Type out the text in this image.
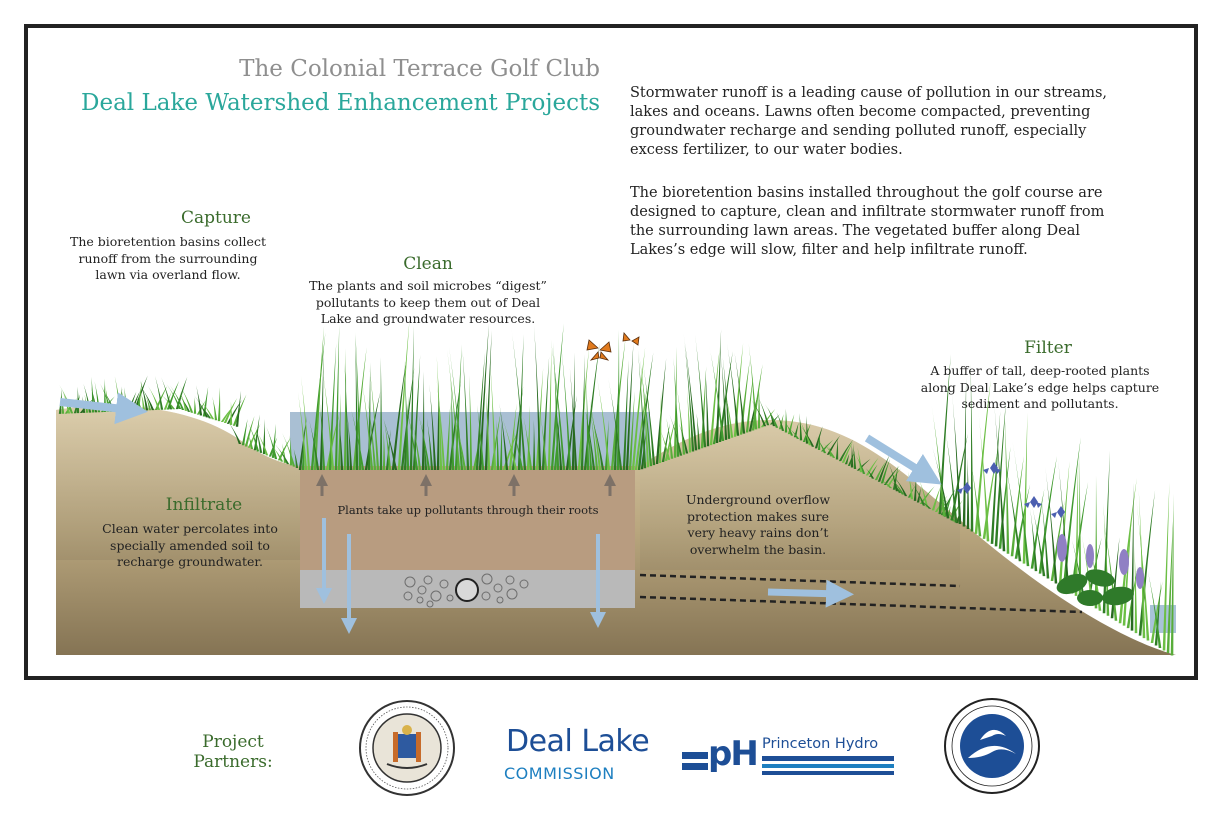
The Colonial Terrace Golf Club
Deal Lake Watershed Enhancement Projects Stormwater runoff is a leading cause of pollution in our streams,
lakes and oceans. Lawns often become compacted, preventing
groundwater recharge and sending polluted runoff, especially
excess fertilizer, to our water bodies.
The bioretention basins installed throughout the golf course are
designed to capture, clean and infiltrate stormwater runoff from
the surrounding lawn areas. The vegetated buffer along Deal
Lakes’s edge will slow, filter and help infiltrate runoff.
Capture
The bioretention basins collect
runoff from the surrounding
lawn via overland flow.
Clean
The plants and soil microbes “digest”
pollutants to keep them out of Deal
Lake and groundwater resources.
Filter
A buffer of tall, deep-rooted plants
along Deal Lake’s edge helps capture
sediment and pollutants.
Infiltrate
Clean water percolates into
specially amended soil to
recharge groundwater.
Plants take up pollutants through their roots
Underground overflow
protection makes sure
very heavy rains don’t
overwhelm the basin.
Project
Partners:
Deal Lake
COMMISSION	pH Princeton Hydro
